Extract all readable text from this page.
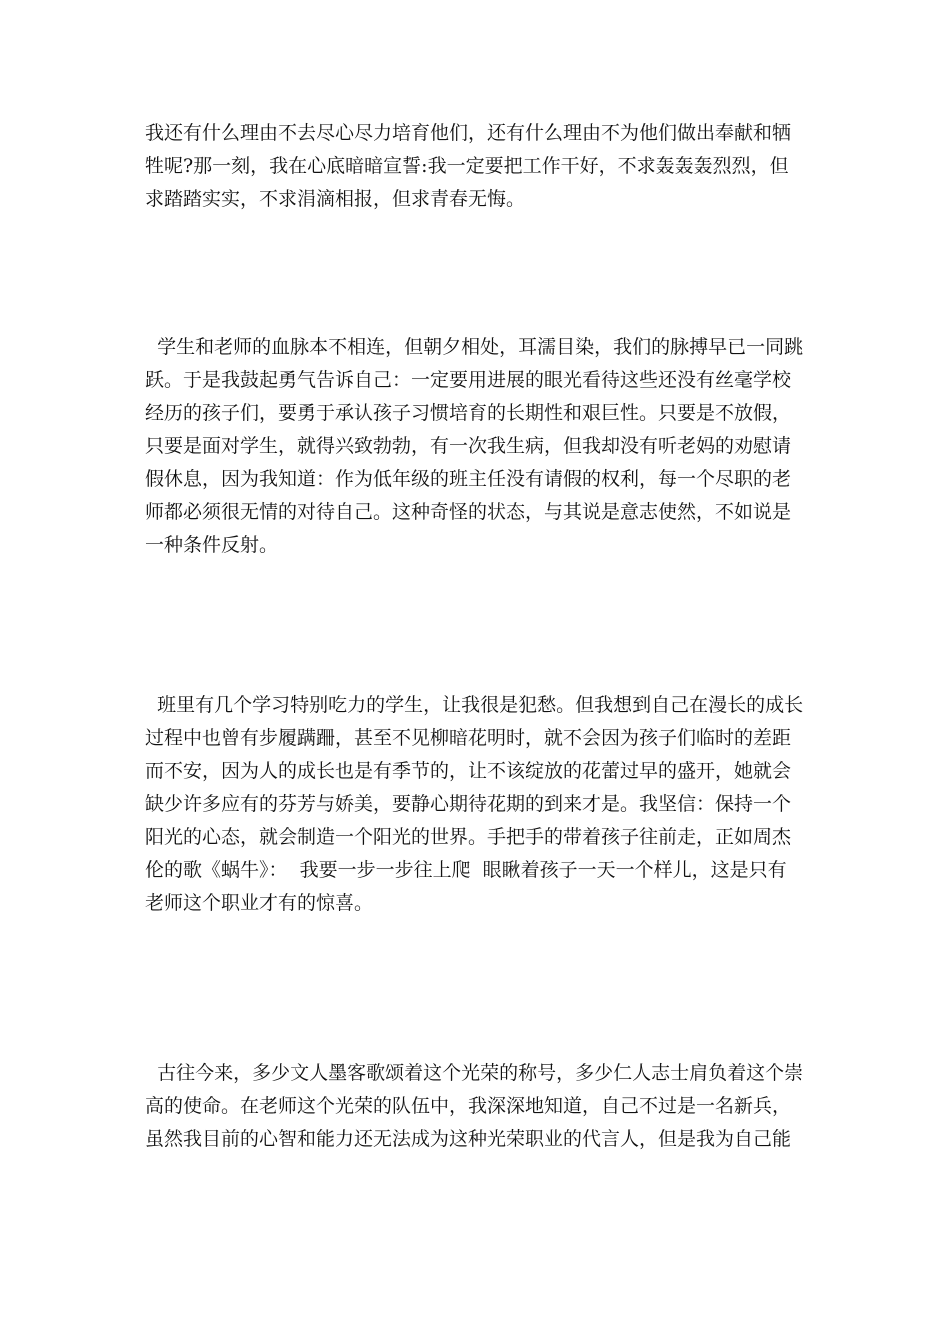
我还有什么理由不去尽心尽力培育他们，还有什么理由不为他们做出奉献和牺
牲呢?那一刻，我在心底暗暗宣誓:我一定要把工作干好，不求轰轰轰烈烈，但
求踏踏实实，不求涓滴相报，但求青春无悔。

学生和老师的血脉本不相连，但朝夕相处，耳濡目染，我们的脉搏早已一同跳
跃。于是我鼓起勇气告诉自己：一定要用进展的眼光看待这些还没有丝毫学校
经历的孩子们，要勇于承认孩子习惯培育的长期性和艰巨性。只要是不放假，
只要是面对学生，就得兴致勃勃，有一次我生病，但我却没有听老妈的劝慰请
假休息，因为我知道：作为低年级的班主任没有请假的权利，每一个尽职的老
师都必须很无情的对待自己。这种奇怪的状态，与其说是意志使然，不如说是
一种条件反射。

班里有几个学习特别吃力的学生，让我很是犯愁。但我想到自己在漫长的成长
过程中也曾有步履蹒跚，甚至不见柳暗花明时，就不会因为孩子们临时的差距
而不安，因为人的成长也是有季节的，让不该绽放的花蕾过早的盛开，她就会
缺少许多应有的芬芳与娇美，要静心期待花期的到来才是。我坚信：保持一个
阳光的心态，就会制造一个阳光的世界。手把手的带着孩子往前走，正如周杰
伦的歌《蜗牛》：  我要一步一步往上爬  眼瞅着孩子一天一个样儿，这是只有
老师这个职业才有的惊喜。

古往今来，多少文人墨客歌颂着这个光荣的称号，多少仁人志士肩负着这个崇
高的使命。在老师这个光荣的队伍中，我深深地知道，自己不过是一名新兵，
虽然我目前的心智和能力还无法成为这种光荣职业的代言人，但是我为自己能
